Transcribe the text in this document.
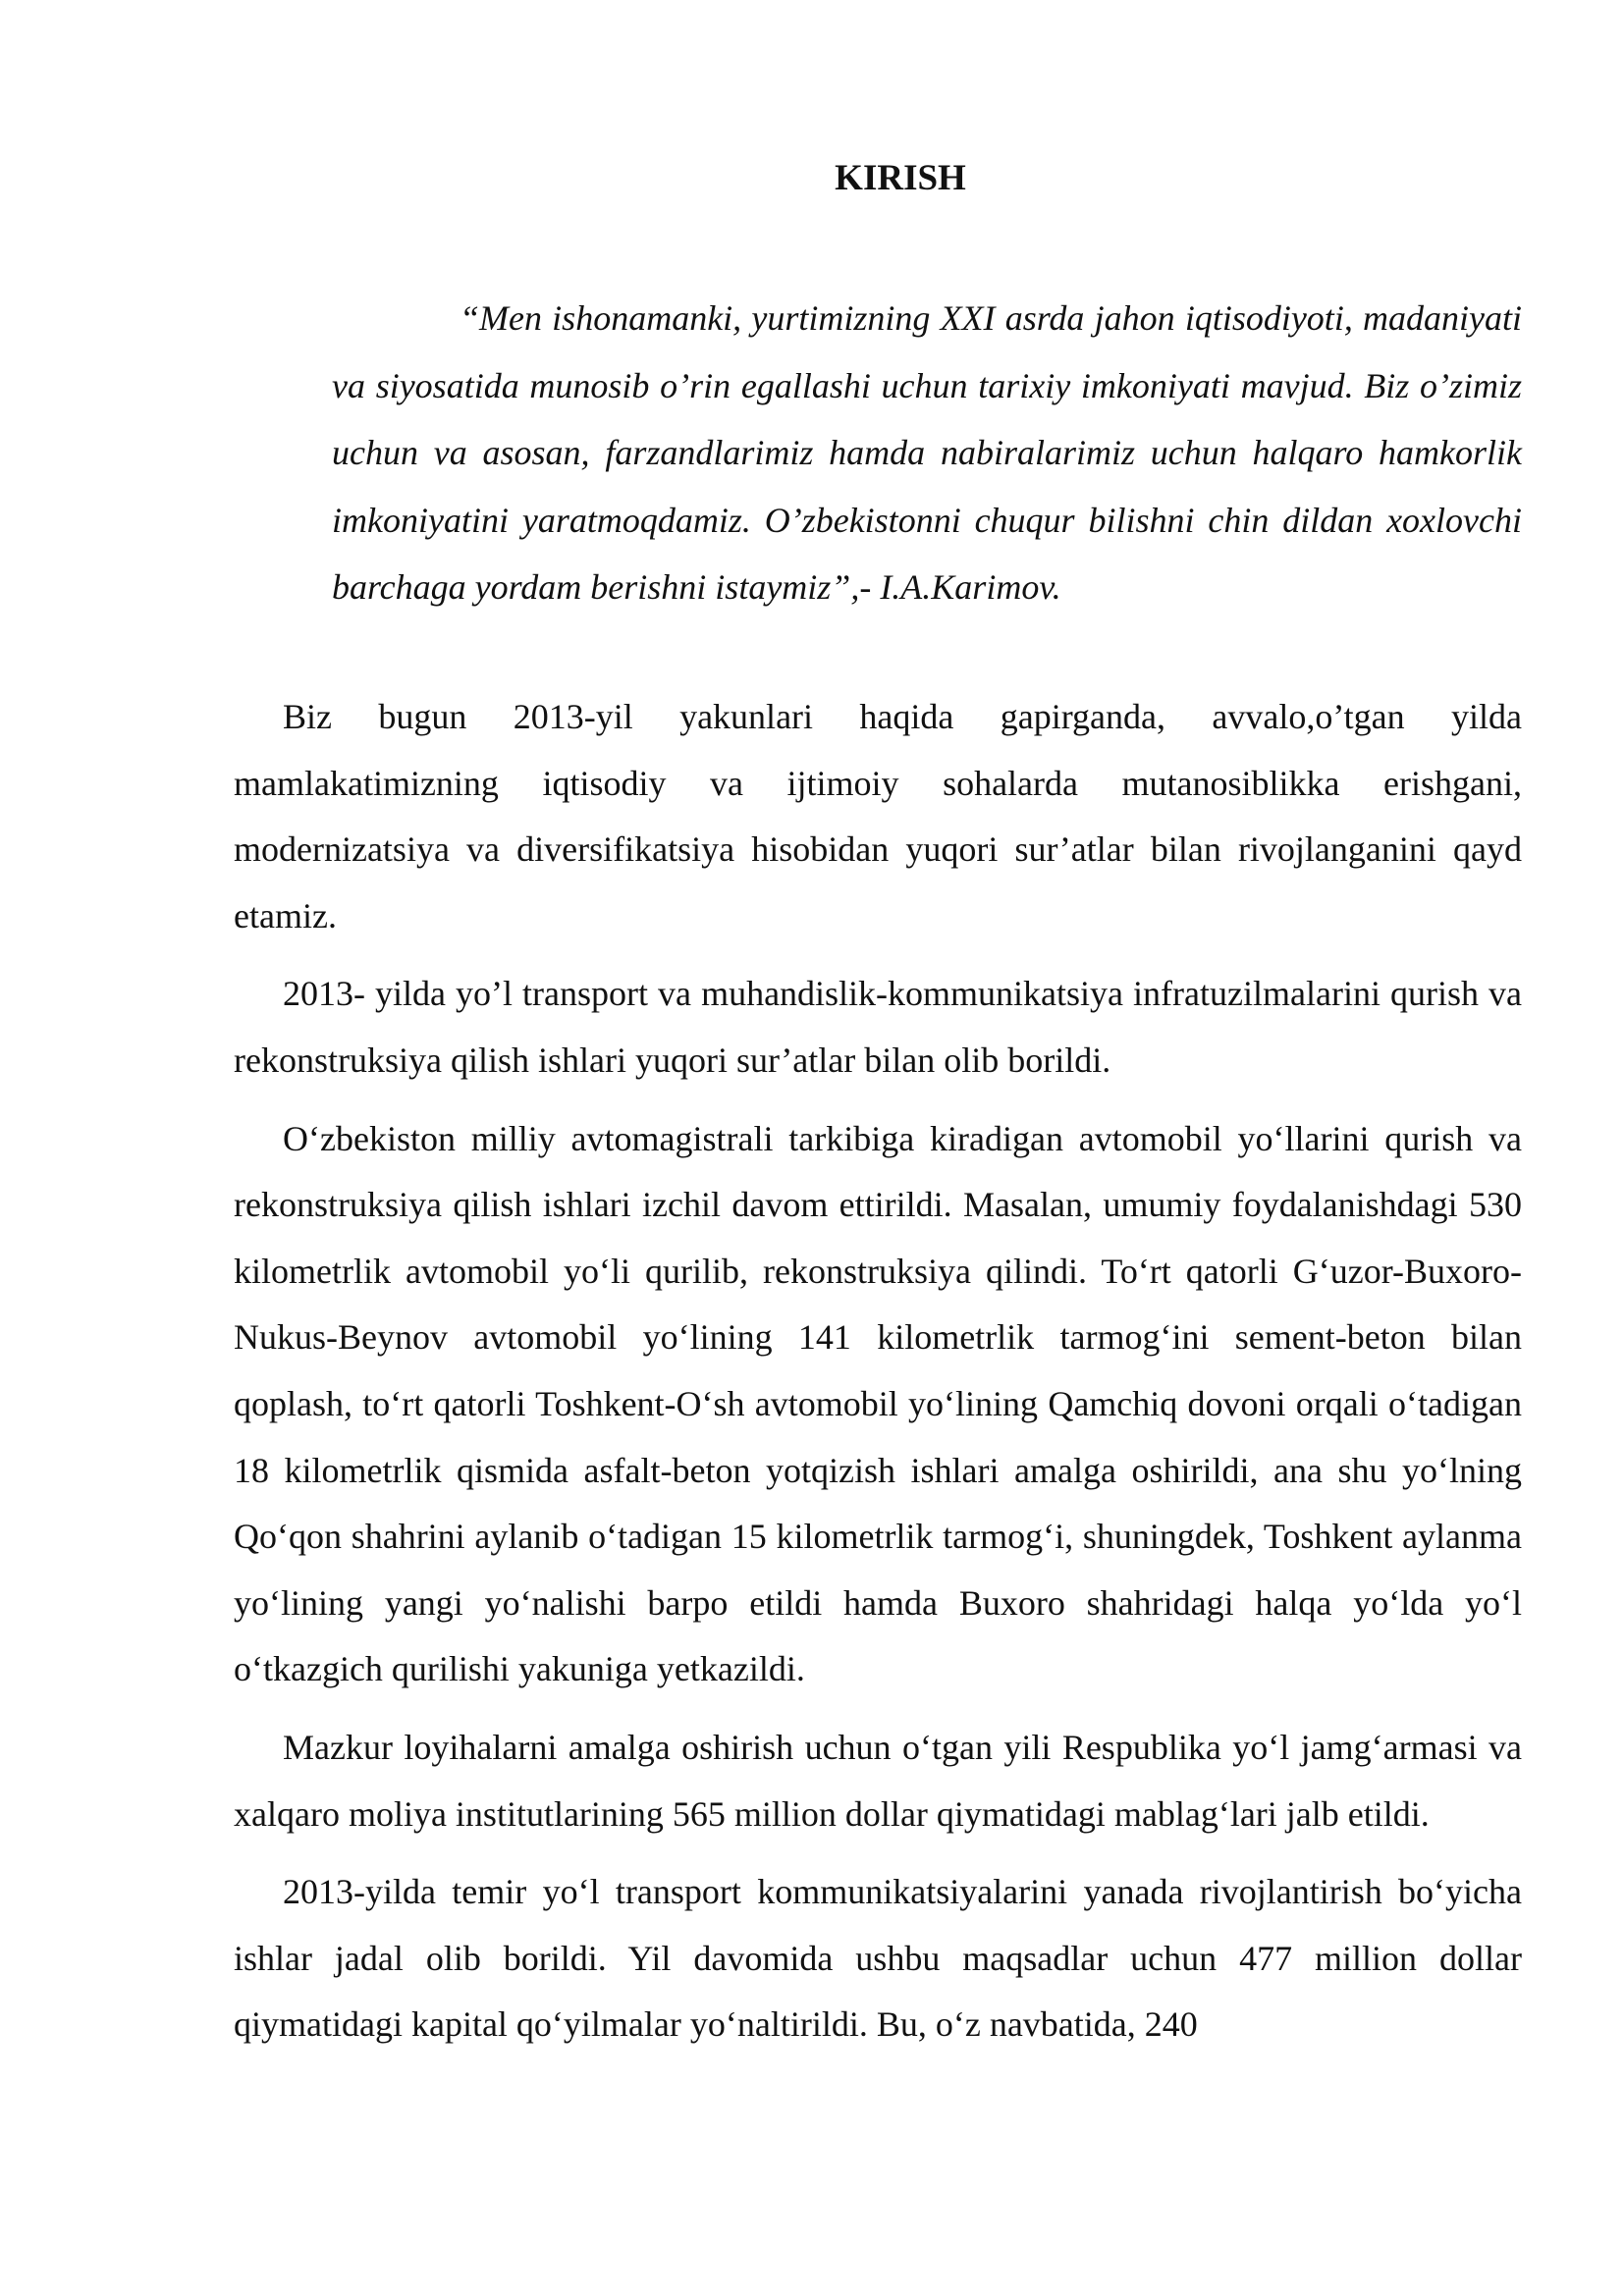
KIRISH

“Men ishonamanki, yurtimizning XXI asrda jahon iqtisodiyoti, madaniyati va siyosatida munosib o’rin egallashi uchun tarixiy imkoniyati mavjud. Biz o’zimiz uchun va asosan, farzandlarimiz hamda nabiralarimiz uchun halqaro hamkorlik imkoniyatini yaratmoqdamiz. O’zbekistonni chuqur bilishni chin dildan xoxlovchi barchaga yordam berishni istaymiz”,- I.A.Karimov.

Biz bugun 2013-yil yakunlari haqida gapirganda, avvalo,o’tgan yilda mamlakatimizning iqtisodiy va ijtimoiy sohalarda mutanosiblikka erishgani, modernizatsiya va diversifikatsiya hisobidan yuqori sur’atlar bilan rivojlanganini qayd etamiz.

2013- yilda yo’l transport va muhandislik-kommunikatsiya infratuzilmalarini qurish va rekonstruksiya qilish ishlari yuqori sur’atlar bilan olib borildi.

O‘zbekiston milliy avtomagistrali tarkibiga kiradigan avtomobil yo‘llarini qurish va rekonstruksiya qilish ishlari izchil davom ettirildi. Masalan, umumiy foydalanishdagi 530 kilometrlik avtomobil yo‘li qurilib, rekonstruksiya qilindi. To‘rt qatorli G‘uzor-Buxoro-Nukus-Beynov avtomobil yo‘lining 141 kilometrlik tarmog‘ini sement-beton bilan qoplash, to‘rt qatorli Toshkent-O‘sh avtomobil yo‘lining Qamchiq dovoni orqali o‘tadigan 18 kilometrlik qismida asfalt-beton yotqizish ishlari amalga oshirildi, ana shu yo‘lning Qo‘qon shahrini aylanib o‘tadigan 15 kilometrlik tarmog‘i, shuningdek, Toshkent aylanma yo‘lining yangi yo‘nalishi barpo etildi hamda Buxoro shahridagi halqa yo‘lda yo‘l o‘tkazgich qurilishi yakuniga yetkazildi.

Mazkur loyihalarni amalga oshirish uchun o‘tgan yili Respublika yo‘l jamg‘armasi va xalqaro moliya institutlarining 565 million dollar qiymatidagi mablag‘lari jalb etildi.

2013-yilda temir yo‘l transport kommunikatsiyalarini yanada rivojlantirish bo‘yicha ishlar jadal olib borildi. Yil davomida ushbu maqsadlar uchun 477 million dollar qiymatidagi kapital qo‘yilmalar yo‘naltirildi. Bu, o‘z navbatida, 240
